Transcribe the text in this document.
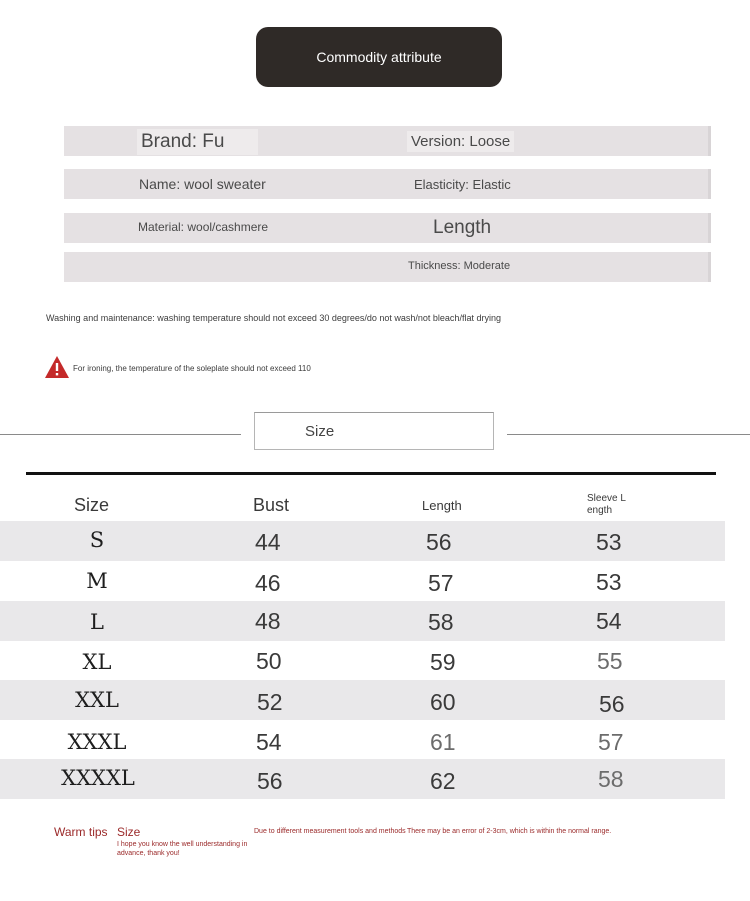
Commodity attribute
Brand: Fu	Version: Loose
Name: wool sweater	Elasticity: Elastic
Material: wool/cashmere	Length
Thickness: Moderate
Washing and maintenance: washing temperature should not exceed 30 degrees/do not wash/not bleach/flat drying
For ironing, the temperature of the soleplate should not exceed 110
Size
Size	Bust	Length	Sleeve L ength
S	44	56	53
M	46	57	53
L	48	58	54
XL	50	59	55
XXL	52	60	56
XXXL	54	61	57
XXXXL	56	62	58
Warm tips Size
I hope you know the well understanding in advance, thank you!
Due to different measurement tools and methods There may be an error of 2-3cm, which is within the normal range.
